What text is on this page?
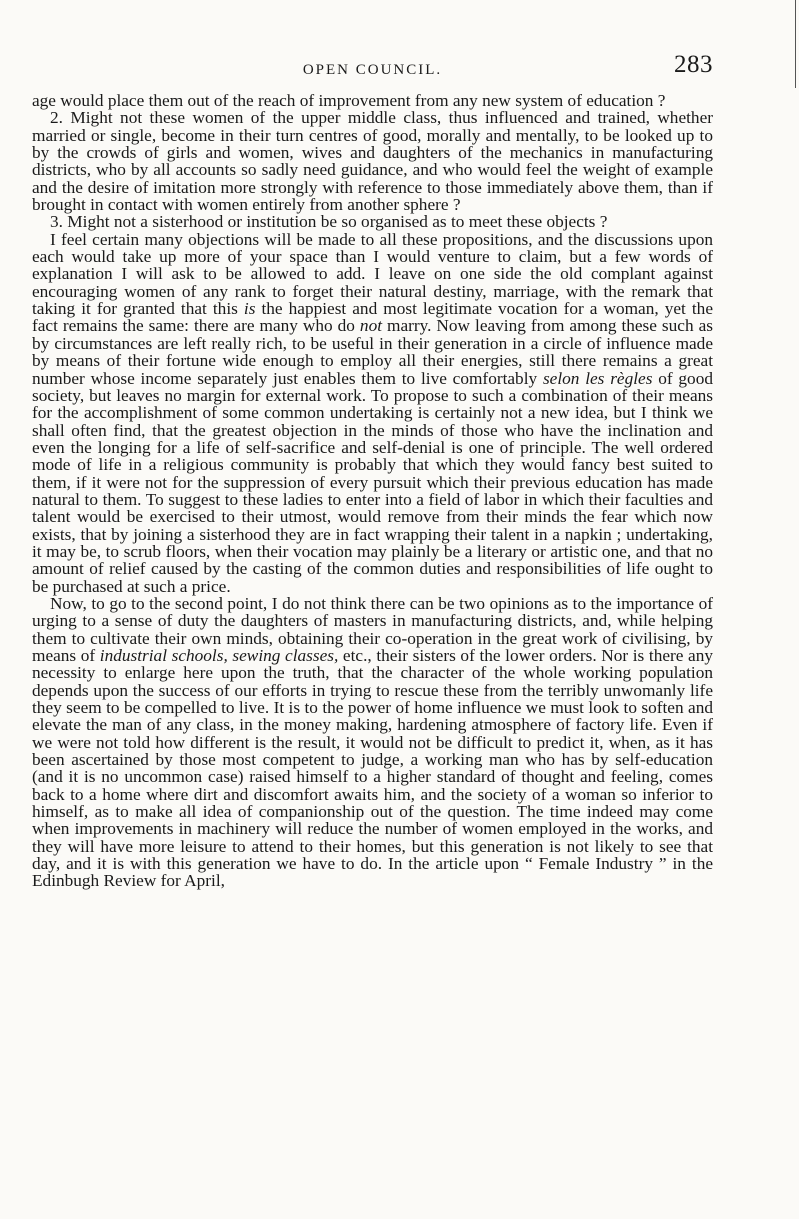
OPEN COUNCIL.	283

age would place them out of the reach of improvement from any new system of education ?

2. Might not these women of the upper middle class, thus influenced and trained, whether married or single, become in their turn centres of good, morally and mentally, to be looked up to by the crowds of girls and women, wives and daughters of the mechanics in manufacturing districts, who by all accounts so sadly need guidance, and who would feel the weight of example and the desire of imitation more strongly with reference to those immediately above them, than if brought in contact with women entirely from another sphere ?

3. Might not a sisterhood or institution be so organised as to meet these objects ?

I feel certain many objections will be made to all these propositions, and the discussions upon each would take up more of your space than I would venture to claim, but a few words of explanation I will ask to be allowed to add. I leave on one side the old complant against encouraging women of any rank to forget their natural destiny, marriage, with the remark that taking it for granted that this is the happiest and most legitimate vocation for a woman, yet the fact remains the same: there are many who do not marry. Now leaving from among these such as by circumstances are left really rich, to be useful in their generation in a circle of influence made by means of their fortune wide enough to employ all their energies, still there remains a great number whose income separately just enables them to live comfortably selon les règles of good society, but leaves no margin for external work. To propose to such a combination of their means for the accomplishment of some common undertaking is certainly not a new idea, but I think we shall often find, that the greatest objection in the minds of those who have the inclination and even the longing for a life of self-sacrifice and self-denial is one of principle. The well ordered mode of life in a religious community is probably that which they would fancy best suited to them, if it were not for the suppression of every pursuit which their previous education has made natural to them. To suggest to these ladies to enter into a field of labor in which their faculties and talent would be exercised to their utmost, would remove from their minds the fear which now exists, that by joining a sisterhood they are in fact wrapping their talent in a napkin ; undertaking, it may be, to scrub floors, when their vocation may plainly be a literary or artistic one, and that no amount of relief caused by the casting of the common duties and responsibilities of life ought to be purchased at such a price.

Now, to go to the second point, I do not think there can be two opinions as to the importance of urging to a sense of duty the daughters of masters in manufacturing districts, and, while helping them to cultivate their own minds, obtaining their co-operation in the great work of civilising, by means of industrial schools, sewing classes, etc., their sisters of the lower orders. Nor is there any necessity to enlarge here upon the truth, that the character of the whole working population depends upon the success of our efforts in trying to rescue these from the terribly unwomanly life they seem to be compelled to live. It is to the power of home influence we must look to soften and elevate the man of any class, in the money making, hardening atmosphere of factory life. Even if we were not told how different is the result, it would not be difficult to predict it, when, as it has been ascertained by those most competent to judge, a working man who has by self-education (and it is no uncommon case) raised himself to a higher standard of thought and feeling, comes back to a home where dirt and discomfort awaits him, and the society of a woman so inferior to himself, as to make all idea of companionship out of the question. The time indeed may come when improvements in machinery will reduce the number of women employed in the works, and they will have more leisure to attend to their homes, but this generation is not likely to see that day, and it is with this generation we have to do. In the article upon “ Female Industry ” in the Edinbugh Review for April,
